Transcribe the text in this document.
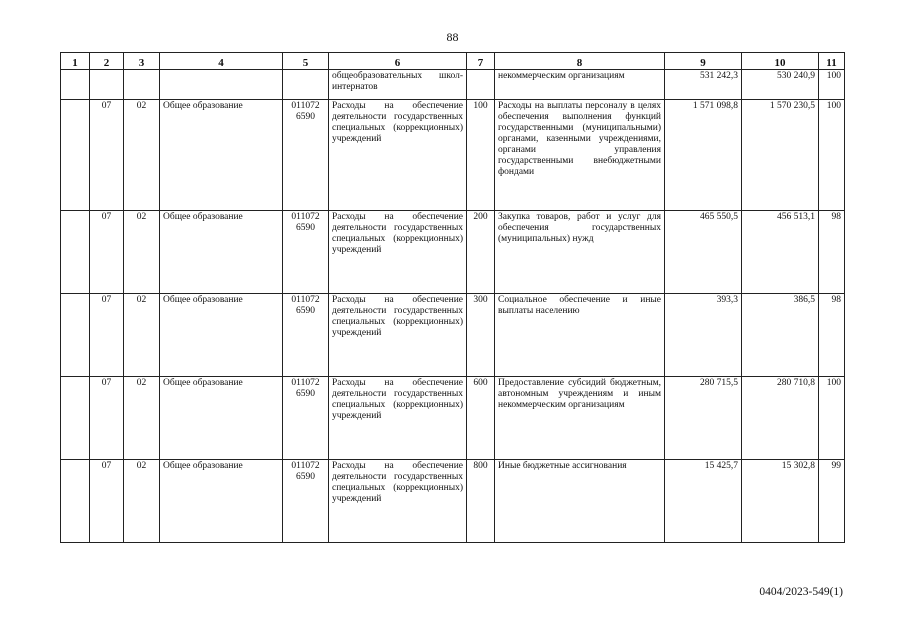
88
1	2	3	4	5	6	7	8	9	10	11
					общеобразовательных школ-интернатов		некоммерческим организациям	531 242,3	530 240,9	100
	07	02	Общее образование	011072 6590	Расходы на обеспечение деятельности государственных специальных (коррекционных) учреждений	100	Расходы на выплаты персоналу в целях обеспечения выполнения функций государственными (муниципальными) органами, казенными учреждениями, органами управления государственными внебюджетными фондами	1 571 098,8	1 570 230,5	100
	07	02	Общее образование	011072 6590	Расходы на обеспечение деятельности государственных специальных (коррекционных) учреждений	200	Закупка товаров, работ и услуг для обеспечения государственных (муниципальных) нужд	465 550,5	456 513,1	98
	07	02	Общее образование	011072 6590	Расходы на обеспечение деятельности государственных специальных (коррекционных) учреждений	300	Социальное обеспечение и иные выплаты населению	393,3	386,5	98
	07	02	Общее образование	011072 6590	Расходы на обеспечение деятельности государственных специальных (коррекционных) учреждений	600	Предоставление субсидий бюджетным, автономным учреждениям и иным некоммерческим организациям	280 715,5	280 710,8	100
	07	02	Общее образование	011072 6590	Расходы на обеспечение деятельности государственных специальных (коррекционных) учреждений	800	Иные бюджетные ассигнования	15 425,7	15 302,8	99
0404/2023-549(1)
